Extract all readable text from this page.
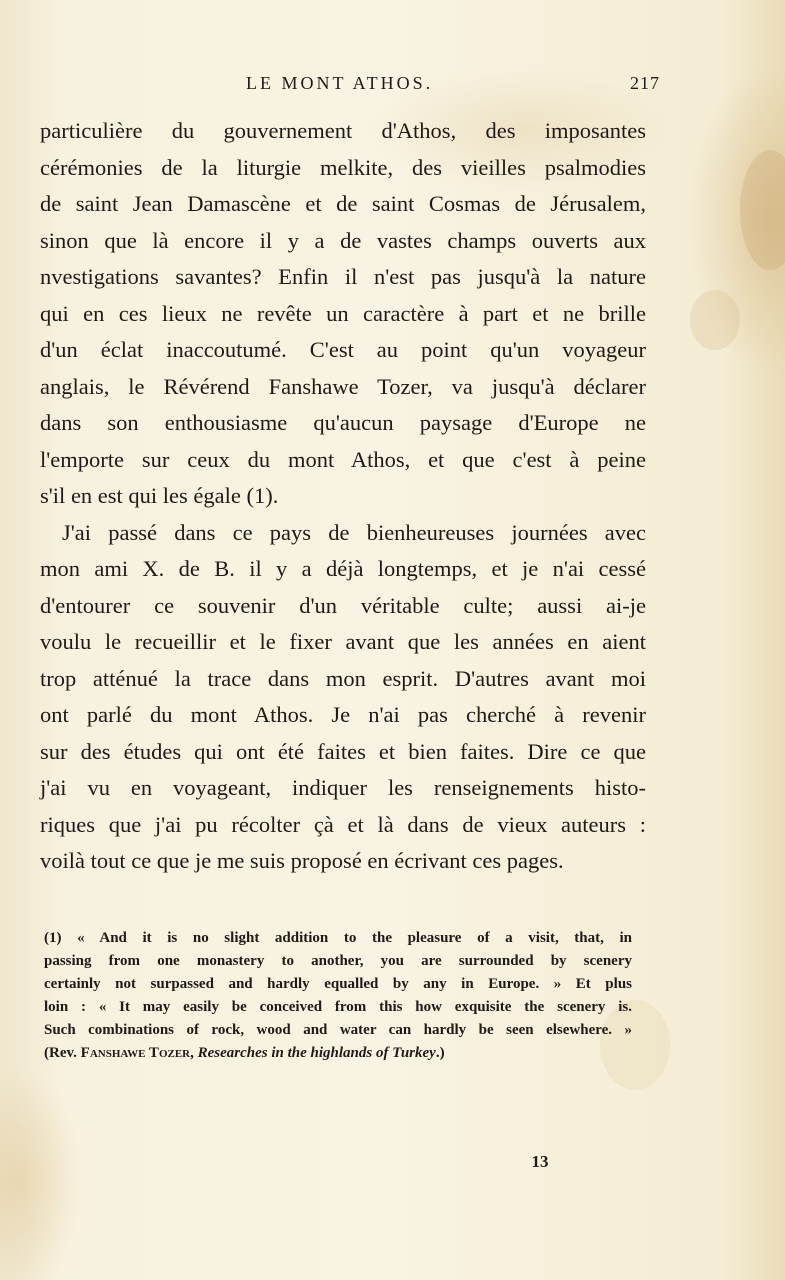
LE MONT ATHOS.	217
particulière du gouvernement d'Athos, des imposantes
cérémonies de la liturgie melkite, des vieilles psalmodies
de saint Jean Damascène et de saint Cosmas de Jérusalem,
sinon que là encore il y a de vastes champs ouverts aux
nvestigations savantes? Enfin il n'est pas jusqu'à la nature
qui en ces lieux ne revête un caractère à part et ne brille
d'un éclat inaccoutumé. C'est au point qu'un voyageur
anglais, le Révérend Fanshawe Tozer, va jusqu'à déclarer
dans son enthousiasme qu'aucun paysage d'Europe ne
l'emporte sur ceux du mont Athos, et que c'est à peine
s'il en est qui les égale (1).
J'ai passé dans ce pays de bienheureuses journées avec
mon ami X. de B. il y a déjà longtemps, et je n'ai cessé
d'entourer ce souvenir d'un véritable culte; aussi ai-je
voulu le recueillir et le fixer avant que les années en aient
trop atténué la trace dans mon esprit. D'autres avant moi
ont parlé du mont Athos. Je n'ai pas cherché à revenir
sur des études qui ont été faites et bien faites. Dire ce que
j'ai vu en voyageant, indiquer les renseignements histo-
riques que j'ai pu récolter çà et là dans de vieux auteurs :
voilà tout ce que je me suis proposé en écrivant ces pages.
(1) « And it is no slight addition to the pleasure of a visit, that, in
passing from one monastery to another, you are surrounded by scenery
certainly not surpassed and hardly equalled by any in Europe. » Et plus
loin : « It may easily be conceived from this how exquisite the scenery is.
Such combinations of rock, wood and water can hardly be seen elsewhere. »
(Rev. Fanshawe Tozer, Researches in the highlands of Turkey.)
13
